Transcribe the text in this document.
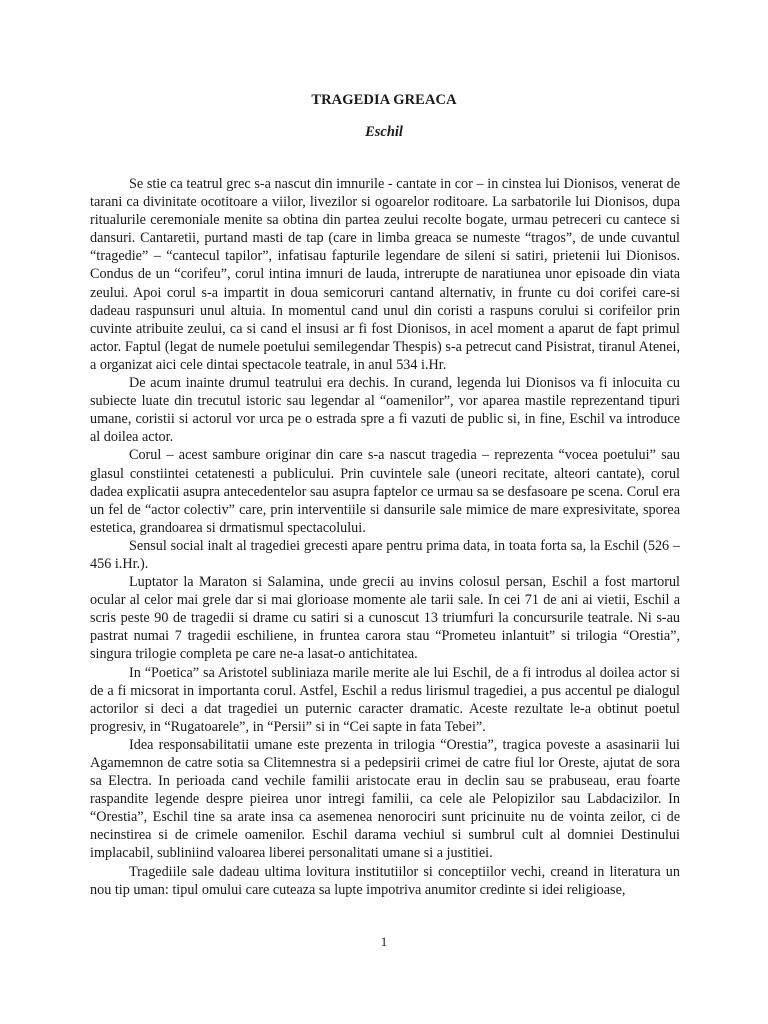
TRAGEDIA GREACA
Eschil

Se stie ca teatrul grec s-a nascut din imnurile - cantate in cor – in cinstea lui Dionisos, venerat de tarani ca divinitate ocotitoare a viilor, livezilor si ogoarelor roditoare. La sarbatorile lui Dionisos, dupa ritualurile ceremoniale menite sa obtina din partea zeului recolte bogate, urmau petreceri cu cantece si dansuri. Cantaretii, purtand masti de tap (care in limba greaca se numeste “tragos”, de unde cuvantul “tragedie” – “cantecul tapilor”, infatisau fapturile legendare de sileni si satiri, prietenii lui Dionisos. Condus de un “corifeu”, corul intina imnuri de lauda, intrerupte de naratiunea unor episoade din viata zeului. Apoi corul s-a impartit in doua semicoruri cantand alternativ, in frunte cu doi corifei care-si dadeau raspunsuri unul altuia. In momentul cand unul din coristi a raspuns corului si corifeilor prin cuvinte atribuite zeului, ca si cand el insusi ar fi fost Dionisos, in acel moment a aparut de fapt primul actor. Faptul (legat de numele poetului semilegendar Thespis) s-a petrecut cand Pisistrat, tiranul Atenei, a organizat aici cele dintai spectacole teatrale, in anul 534 i.Hr.

De acum inainte drumul teatrului era dechis. In curand, legenda lui Dionisos va fi inlocuita cu subiecte luate din trecutul istoric sau legendar al “oamenilor”, vor aparea mastile reprezentand tipuri umane, coristii si actorul vor urca pe o estrada spre a fi vazuti de public si, in fine, Eschil va introduce al doilea actor.

Corul – acest sambure originar din care s-a nascut tragedia – reprezenta “vocea poetului” sau glasul constiintei cetatenesti a publicului. Prin cuvintele sale (uneori recitate, alteori cantate), corul dadea explicatii asupra antecedentelor sau asupra faptelor ce urmau sa se desfasoare pe scena. Corul era un fel de “actor colectiv” care, prin interventiile si dansurile sale mimice de mare expresivitate, sporea estetica, grandoarea si drmatismul spectacolului.

Sensul social inalt al tragediei grecesti apare pentru prima data, in toata forta sa, la Eschil (526 –456 i.Hr.).

Luptator la Maraton si Salamina, unde grecii au invins colosul persan, Eschil a fost martorul ocular al celor mai grele dar si mai glorioase momente ale tarii sale. In cei 71 de ani ai vietii, Eschil a scris peste 90 de tragedii si drame cu satiri si a cunoscut 13 triumfuri la concursurile teatrale. Ni s-au pastrat numai 7 tragedii eschiliene, in fruntea carora stau “Prometeu inlantuit” si trilogia “Orestia”, singura trilogie completa pe care ne-a lasat-o antichitatea.

In “Poetica” sa Aristotel subliniaza marile merite ale lui Eschil, de a fi introdus al doilea actor si de a fi micsorat in importanta corul. Astfel, Eschil a redus lirismul tragediei, a pus accentul pe dialogul actorilor si deci a dat tragediei un puternic caracter dramatic. Aceste rezultate le-a obtinut poetul progresiv, in “Rugatoarele”, in “Persii” si in “Cei sapte in fata Tebei”.

Idea responsabilitatii umane este prezenta in trilogia “Orestia”, tragica poveste a asasinarii lui Agamemnon de catre sotia sa Clitemnestra si a pedepsirii crimei de catre fiul lor Oreste, ajutat de sora sa Electra. In perioada cand vechile familii aristocate erau in declin sau se prabuseau, erau foarte raspandite legende despre pieirea unor intregi familii, ca cele ale Pelopizilor sau Labdacizilor. In “Orestia”, Eschil tine sa arate insa ca asemenea nenorociri sunt pricinuite nu de vointa zeilor, ci de necinstirea si de crimele oamenilor. Eschil darama vechiul si sumbrul cult al domniei Destinului implacabil, subliniind valoarea liberei personalitati umane si a justitiei.

Tragediile sale dadeau ultima lovitura institutiilor si conceptiilor vechi, creand in literatura un nou tip uman: tipul omului care cuteaza sa lupte impotriva anumitor credinte si idei religioase,

1
